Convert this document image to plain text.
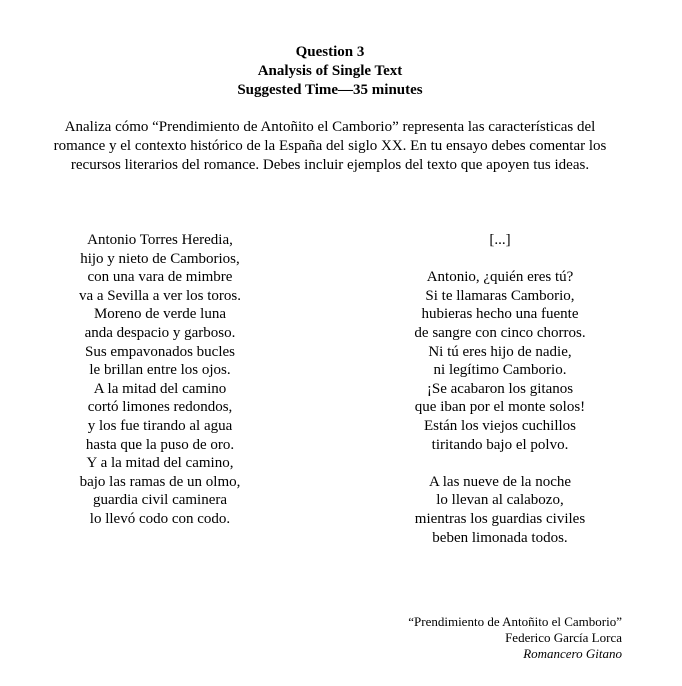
Question 3
Analysis of Single Text
Suggested Time—35 minutes
Analiza cómo “Prendimiento de Antoñito el Camborio” representa las características del
romance y el contexto histórico de la España del siglo XX. En tu ensayo debes comentar los
recursos literarios del romance. Debes incluir ejemplos del texto que apoyen tus ideas.
Antonio Torres Heredia,
hijo y nieto de Camborios,
con una vara de mimbre
va a Sevilla a ver los toros.
Moreno de verde luna
anda despacio y garboso.
Sus empavonados bucles
le brillan entre los ojos.
A la mitad del camino
cortó limones redondos,
y los fue tirando al agua
hasta que la puso de oro.
Y a la mitad del camino,
bajo las ramas de un olmo,
guardia civil caminera
lo llevó codo con codo.
[...]
Antonio, ¿quién eres tú?
Si te llamaras Camborio,
hubieras hecho una fuente
de sangre con cinco chorros.
Ni tú eres hijo de nadie,
ni legítimo Camborio.
¡Se acabaron los gitanos
que iban por el monte solos!
Están los viejos cuchillos
tiritando bajo el polvo.
A las nueve de la noche
lo llevan al calabozo,
mientras los guardias civiles
beben limonada todos.
“Prendimiento de Antoñito el Camborio”
Federico García Lorca
Romancero Gitano
